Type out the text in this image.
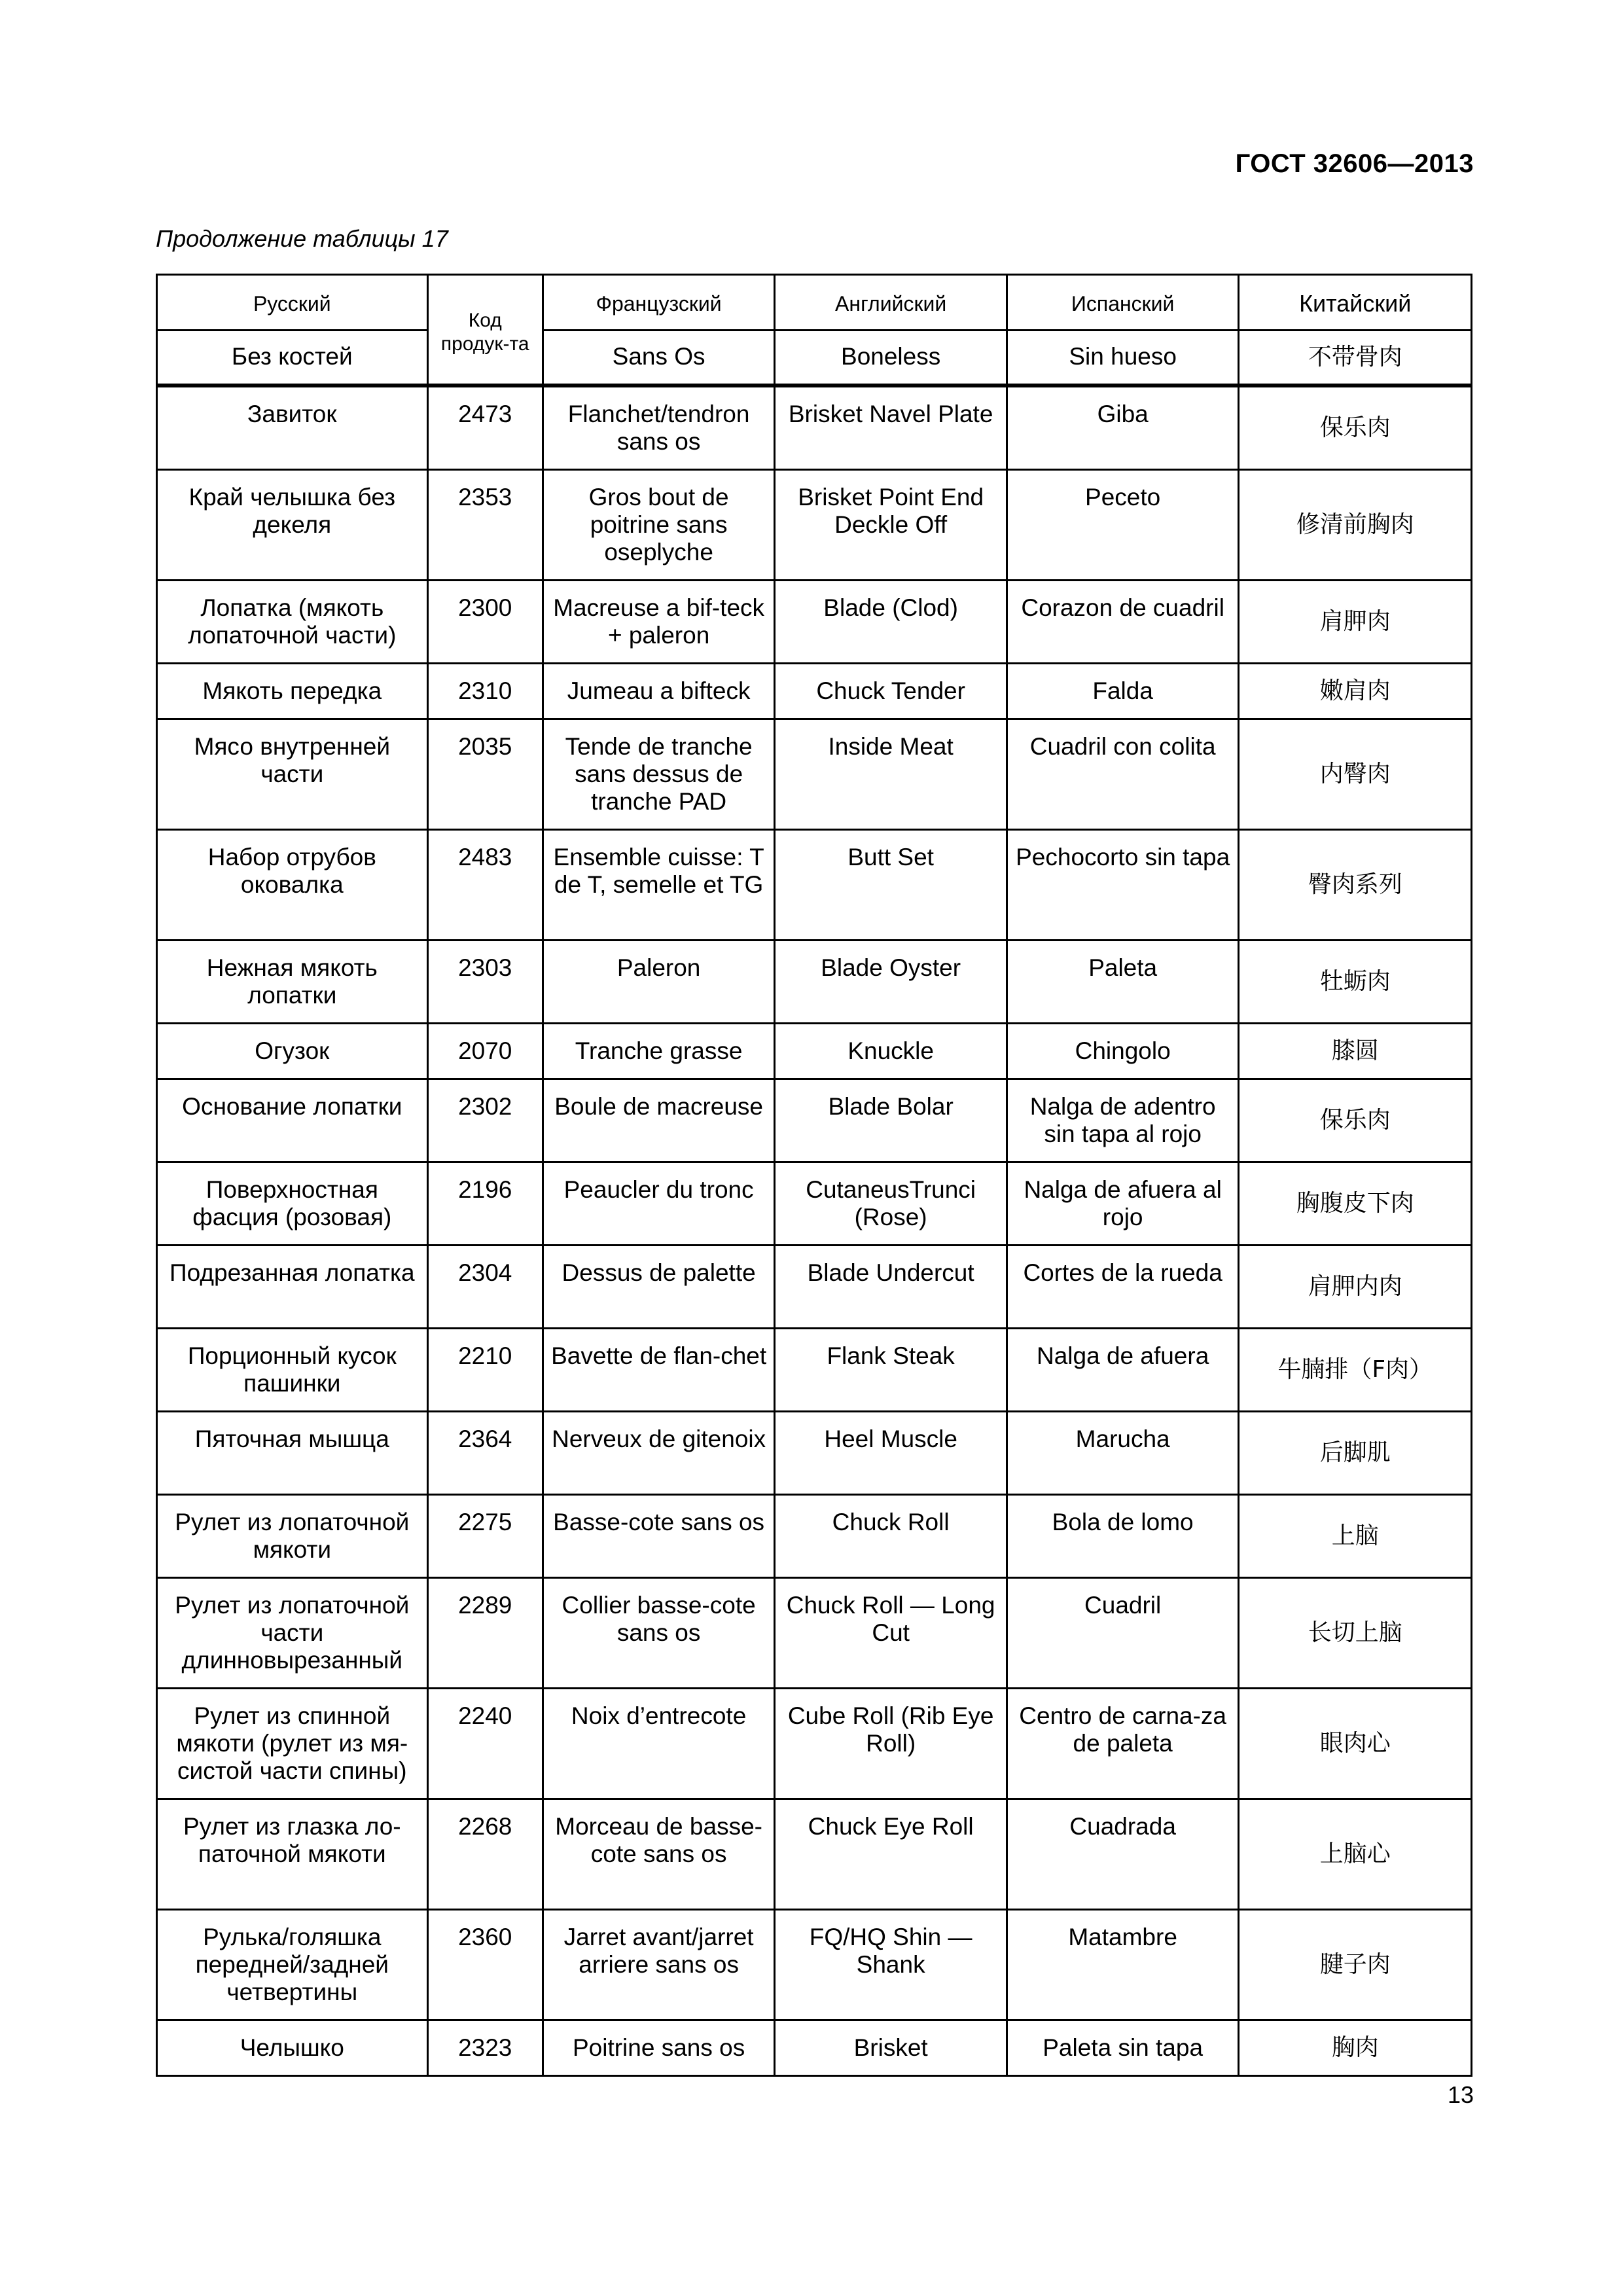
ГОСТ 32606—2013
Продолжение таблицы 17
Русский	Код продук-та	Французский	Английский	Испанский	Китайский
Без костей		Sans Os	Boneless	Sin hueso	不带骨肉

Завиток	2473	Flanchet/tendron sans os	Brisket Navel Plate	Giba	保乐肉
Край челышка без декеля	2353	Gros bout de poitrine sans oseplуche	Brisket Point End Deckle Off	Peceto	修清前胸肉
Лопатка (мякоть лопаточной части)	2300	Macreuse a bif-teck + paleron	Blade (Clod)	Corazon de cuadril	肩胛肉
Мякоть передка	2310	Jumeau a bifteck	Chuck Tender	Falda	嫩肩肉
Мясо внутренней части	2035	Tende de tranche sans dessus de tranche PAD	Inside Meat	Cuadril con colita	内臀肉
Набор отрубов оковалка	2483	Ensemble cuisse: T de T, semelle et TG	Butt Set	Pechocorto sin tapa	臀肉系列
Нежная мякоть лопатки	2303	Paleron	Blade Oyster	Paleta	牡蛎肉
Огузок	2070	Tranche grasse	Knuckle	Chingolo	膝圆
Основание лопатки	2302	Boule de macreuse	Blade Bolar	Nalga de adentro sin tapa al rojo	保乐肉
Поверхностная фасция (розовая)	2196	Peaucler du tronc	CutaneusTrunci (Rose)	Nalga de afuera al rojo	胸腹皮下肉
Подрезанная лопатка	2304	Dessus de palette	Blade Undercut	Cortes de la rueda	肩胛内肉
Порционный кусок пашинки	2210	Bavette de flan-chet	Flank Steak	Nalga de afuera	牛腩排（F肉）
Пяточная мышца	2364	Nerveux de gitenoix	Heel Muscle	Marucha	后脚肌
Рулет из лопаточной мякоти	2275	Basse-cote sans os	Chuck Roll	Bola de lomo	上脑
Рулет из лопаточной части длинновырезанный	2289	Collier basse-cote sans os	Chuck Roll — Long Cut	Cuadril	长切上脑
Рулет из спинной мякоти (рулет из мя-систой части спины)	2240	Noix d’entrecote	Cube Roll (Rib Eye Roll)	Centro de carna-za de paleta	眼肉心
Рулет из глазка ло-паточной мякоти	2268	Morceau de basse-cote sans os	Chuck Eye Roll	Cuadrada	上脑心
Рулька/голяшка передней/задней четвертины	2360	Jarret avant/jarret arriere sans os	FQ/HQ Shin — Shank	Matambre	腱子肉
Челышко	2323	Poitrine sans os	Brisket	Paleta sin tapa	胸肉
13
